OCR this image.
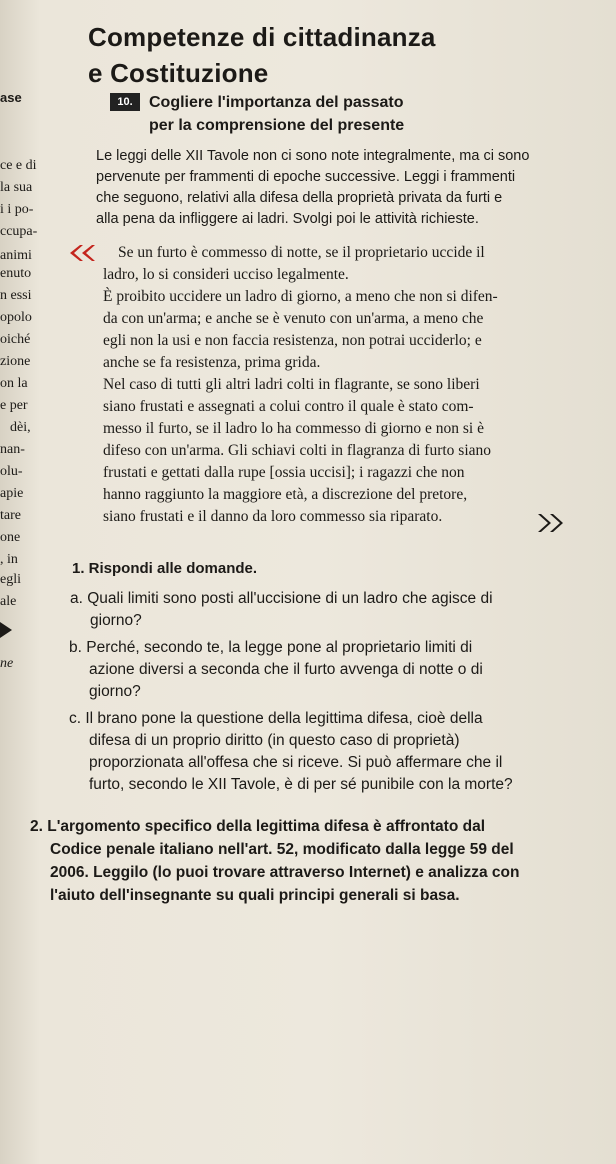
Competenze di cittadinanza
e Costituzione
10.	Cogliere l'importanza del passato
per la comprensione del presente
Le leggi delle XII Tavole non ci sono note integralmente, ma ci sono
pervenute per frammenti di epoche successive. Leggi i frammenti
che seguono, relativi alla difesa della proprietà privata da furti e
alla pena da infliggere ai ladri. Svolgi poi le attività richieste.
Se un furto è commesso di notte, se il proprietario uccide il
ladro, lo si consideri ucciso legalmente.
È proibito uccidere un ladro di giorno, a meno che non si difen-
da con un'arma; e anche se è venuto con un'arma, a meno che
egli non la usi e non faccia resistenza, non potrai ucciderlo; e
anche se fa resistenza, prima grida.
Nel caso di tutti gli altri ladri colti in flagrante, se sono liberi
siano frustati e assegnati a colui contro il quale è stato com-
messo il furto, se il ladro lo ha commesso di giorno e non si è
difeso con un'arma. Gli schiavi colti in flagranza di furto siano
frustati e gettati dalla rupe [ossia uccisi]; i ragazzi che non
hanno raggiunto la maggiore età, a discrezione del pretore,
siano frustati e il danno da loro commesso sia riparato.
1. Rispondi alle domande.
a. Quali limiti sono posti all'uccisione di un ladro che agisce di
giorno?
b. Perché, secondo te, la legge pone al proprietario limiti di
azione diversi a seconda che il furto avvenga di notte o di
giorno?
c. Il brano pone la questione della legittima difesa, cioè della
difesa di un proprio diritto (in questo caso di proprietà)
proporzionata all'offesa che si riceve. Si può affermare che il
furto, secondo le XII Tavole, è di per sé punibile con la morte?
2. L'argomento specifico della legittima difesa è affrontato dal
Codice penale italiano nell'art. 52, modificato dalla legge 59 del
2006. Leggilo (lo puoi trovare attraverso Internet) e analizza con
l'aiuto dell'insegnante su quali principi generali si basa.
ase
ce e di
la sua
i i po-
ccupa-
animi
enuto
n essi
opolo
oiché
zione
on la
e per
dèi,
nan-
olu-
apie
tare
one
, in
egli
ale
ne
